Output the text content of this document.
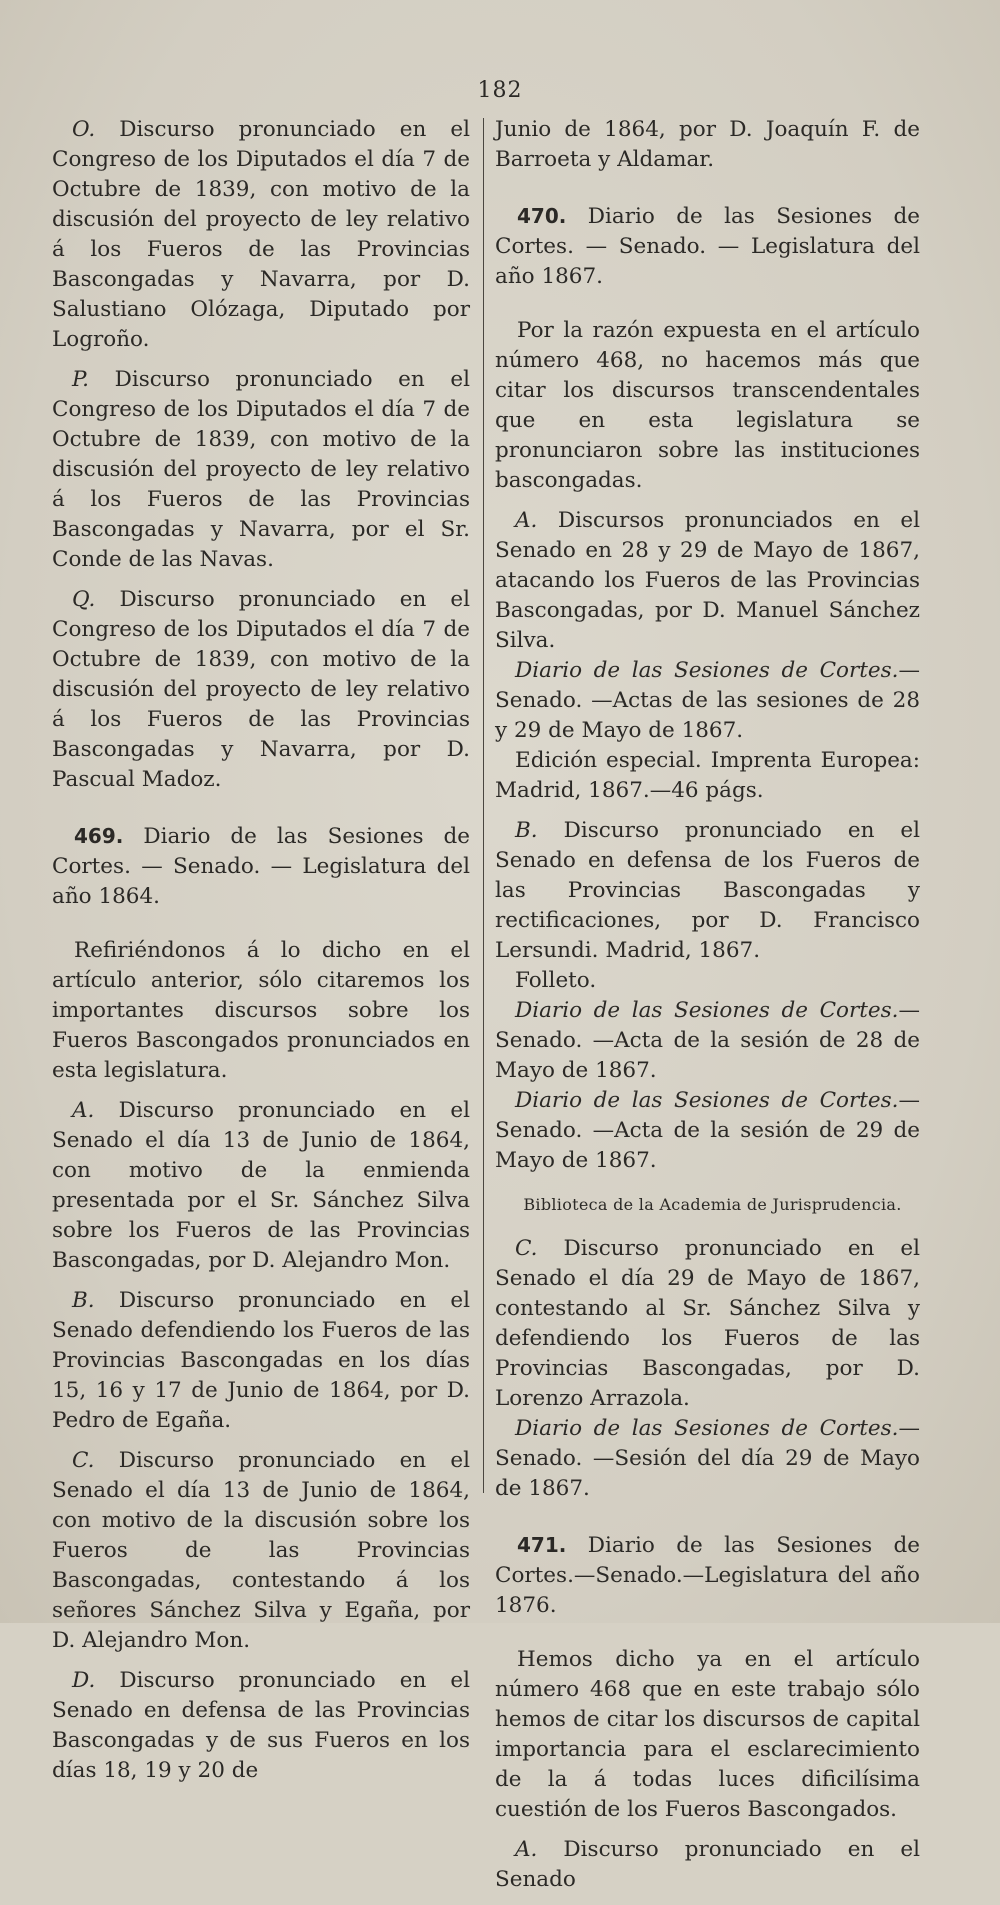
182

O. Discurso pronunciado en el Congreso de los Diputados el día 7 de Octubre de 1839, con motivo de la discusión del proyecto de ley relativo á los Fueros de las Provincias Bascongadas y Navarra, por D. Salustiano Olózaga, Diputado por Logroño.

P. Discurso pronunciado en el Congreso de los Diputados el día 7 de Octubre de 1839, con motivo de la discusión del proyecto de ley relativo á los Fueros de las Provincias Bascongadas y Navarra, por el Sr. Conde de las Navas.

Q. Discurso pronunciado en el Congreso de los Diputados el día 7 de Octubre de 1839, con motivo de la discusión del proyecto de ley relativo á los Fueros de las Provincias Bascongadas y Navarra, por D. Pascual Madoz.

469. Diario de las Sesiones de Cortes. — Senado. — Legislatura del año 1864.

Refiriéndonos á lo dicho en el artículo anterior, sólo citaremos los importantes discursos sobre los Fueros Bascongados pronunciados en esta legislatura.

A. Discurso pronunciado en el Senado el día 13 de Junio de 1864, con motivo de la enmienda presentada por el Sr. Sánchez Silva sobre los Fueros de las Provincias Bascongadas, por D. Alejandro Mon.

B. Discurso pronunciado en el Senado defendiendo los Fueros de las Provincias Bascongadas en los días 15, 16 y 17 de Junio de 1864, por D. Pedro de Egaña.

C. Discurso pronunciado en el Senado el día 13 de Junio de 1864, con motivo de la discusión sobre los Fueros de las Provincias Bascongadas, contestando á los señores Sánchez Silva y Egaña, por D. Alejandro Mon.

D. Discurso pronunciado en el Senado en defensa de las Provincias Bascongadas y de sus Fueros en los días 18, 19 y 20 de

Junio de 1864, por D. Joaquín F. de Barroeta y Aldamar.

470. Diario de las Sesiones de Cortes. — Senado. — Legislatura del año 1867.

Por la razón expuesta en el artículo número 468, no hacemos más que citar los discursos transcendentales que en esta legislatura se pronunciaron sobre las instituciones bascongadas.

A. Discursos pronunciados en el Senado en 28 y 29 de Mayo de 1867, atacando los Fueros de las Provincias Bascongadas, por D. Manuel Sánchez Silva.

Diario de las Sesiones de Cortes.—Senado. —Actas de las sesiones de 28 y 29 de Mayo de 1867.

Edición especial. Imprenta Europea: Madrid, 1867.—46 págs.

B. Discurso pronunciado en el Senado en defensa de los Fueros de las Provincias Bascongadas y rectificaciones, por D. Francisco Lersundi. Madrid, 1867.

Folleto.

Diario de las Sesiones de Cortes.—Senado. —Acta de la sesión de 28 de Mayo de 1867.

Diario de las Sesiones de Cortes.—Senado. —Acta de la sesión de 29 de Mayo de 1867.

Biblioteca de la Academia de Jurisprudencia.

C. Discurso pronunciado en el Senado el día 29 de Mayo de 1867, contestando al Sr. Sánchez Silva y defendiendo los Fueros de las Provincias Bascongadas, por D. Lorenzo Arrazola.

Diario de las Sesiones de Cortes.—Senado. —Sesión del día 29 de Mayo de 1867.

471. Diario de las Sesiones de Cortes.—Senado.—Legislatura del año 1876.

Hemos dicho ya en el artículo número 468 que en este trabajo sólo hemos de citar los discursos de capital importancia para el esclarecimiento de la á todas luces dificilísima cuestión de los Fueros Bascongados.

A. Discurso pronunciado en el Senado
